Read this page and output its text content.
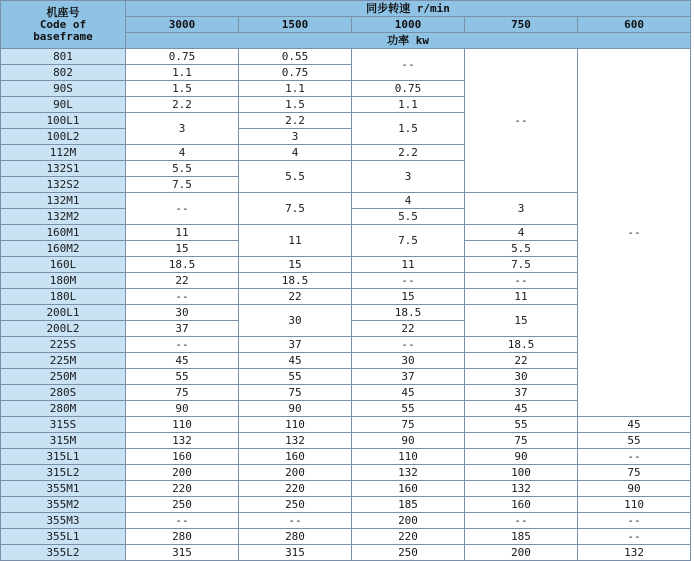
机座号
Code of
baseframe	同步转速 r/min				
	3000	1500	1000	750	600
	功率 kw				
801	0.75	0.55	--	--	--
802	1.1	0.75			
90S	1.5	1.1	0.75		
90L	2.2	1.5	1.1		
100L1	3	2.2	1.5		
100L2		3			
112M	4	4	2.2		
132S1	5.5	5.5	3		
132S2	7.5				
132M1	--	7.5	4	3	
132M2			5.5		
160M1	11	11	7.5	4	
160M2	15			5.5	
160L	18.5	15	11	7.5	
180M	22	18.5	--	--	
180L	--	22	15	11	
200L1	30	30	18.5	15	
200L2	37		22		
225S	--	37	--	18.5	
225M	45	45	30	22	
250M	55	55	37	30	
280S	75	75	45	37	
280M	90	90	55	45	
315S	110	110	75	55	45
315M	132	132	90	75	55
315L1	160	160	110	90	--
315L2	200	200	132	100	75
355M1	220	220	160	132	90
355M2	250	250	185	160	110
355M3	--	--	200	--	--
355L1	280	280	220	185	--
355L2	315	315	250	200	132
